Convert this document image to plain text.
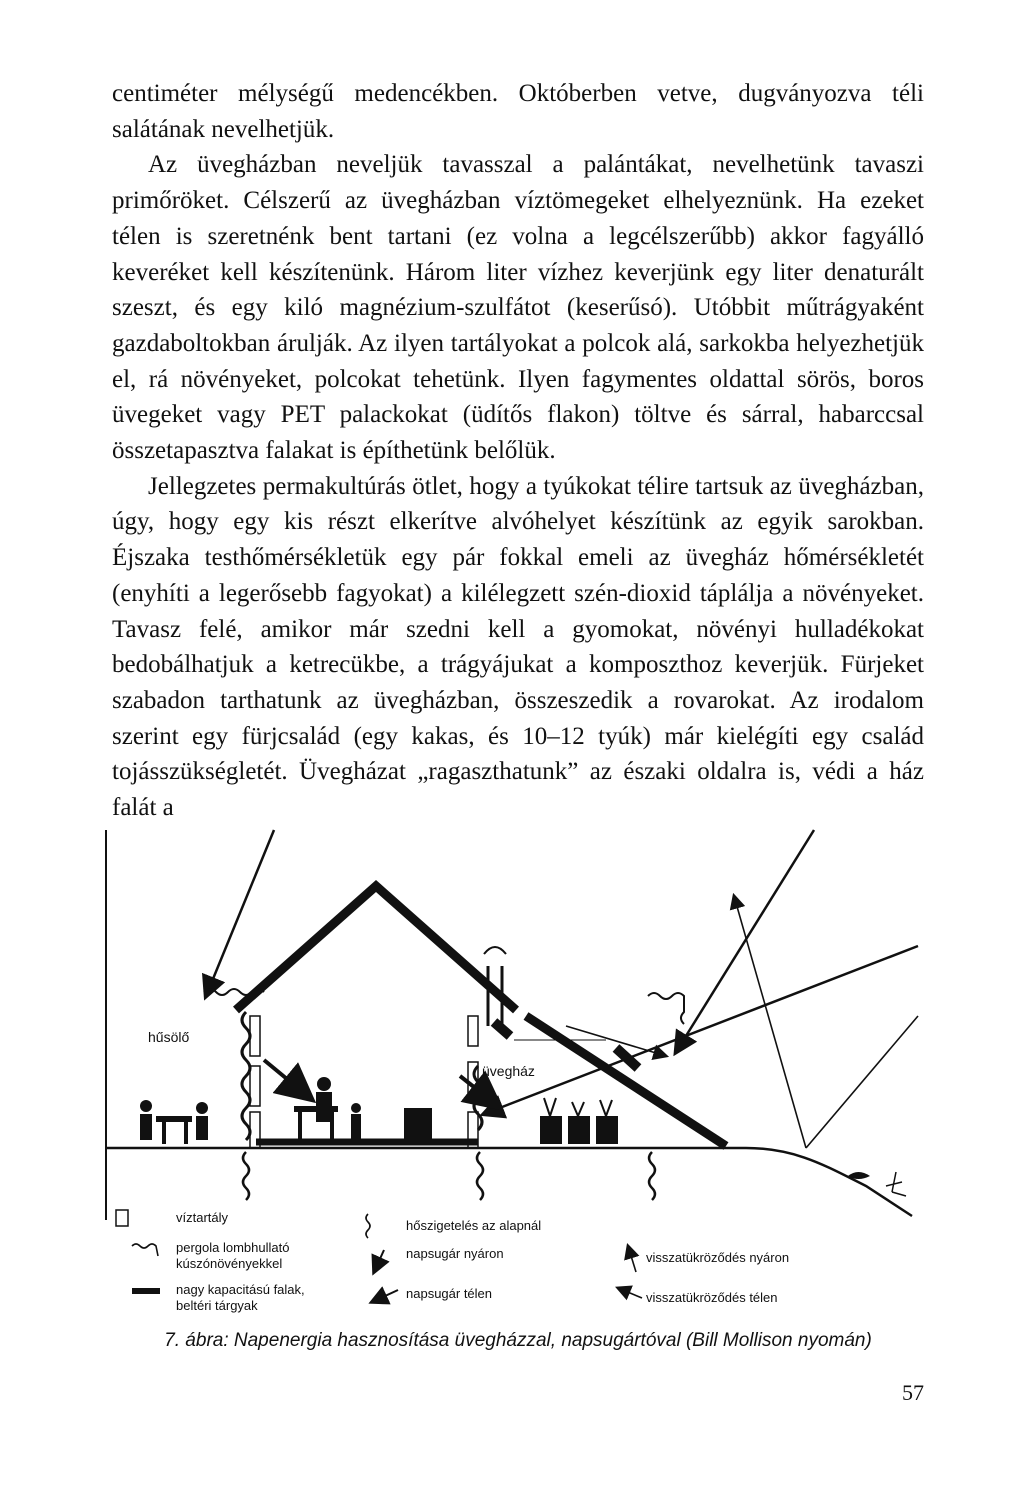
centiméter mélységű medencékben. Októberben vetve, dugványozva téli salátának nevelhetjük.

Az üvegházban neveljük tavasszal a palántákat, nevelhetünk tavaszi primőröket. Célszerű az üvegházban víztömegeket elhelyeznünk. Ha ezeket télen is szeretnénk bent tartani (ez volna a legcélszerűbb) akkor fagyálló keveréket kell készítenünk. Három liter vízhez keverjünk egy liter denaturált szeszt, és egy kiló magnézium-szulfátot (keserűsó). Utóbbit műtrágyaként gazdaboltokban árulják. Az ilyen tartályokat a polcok alá, sarkokba helyezhetjük el, rá növényeket, polcokat tehetünk. Ilyen fagymentes oldattal sörös, boros üvegeket vagy PET palackokat (üdítős flakon) töltve és sárral, habarccsal összetapasztva falakat is építhetünk belőlük.

Jellegzetes permakultúrás ötlet, hogy a tyúkokat télire tartsuk az üvegházban, úgy, hogy egy kis részt elkerítve alvóhelyet készítünk az egyik sarokban. Éjszaka testhőmérsékletük egy pár fokkal emeli az üvegház hőmérsékletét (enyhíti a legerősebb fagyokat) a kilélegzett szén-dioxid táplálja a növényeket. Tavasz felé, amikor már szedni kell a gyomokat, növényi hulladékokat bedobálhatjuk a ketrecükbe, a trágyájukat a komposzthoz keverjük. Fürjeket szabadon tarthatunk az üvegházban, összeszedik a rovarokat. Az irodalom szerint egy fürjcsalád (egy kakas, és 10–12 tyúk) már kielégíti egy család tojásszükségletét. Üvegházat „ragaszthatunk” az északi oldalra is, védi a ház falát a

hűsölő
üvegház
víztartály
pergola lombhullató
kúszónövényekkel
nagy kapacitású falak,
beltéri tárgyak
hőszigetelés az alapnál
napsugár nyáron
napsugár télen
visszatükröződés nyáron
visszatükröződés télen
7. ábra: Napenergia hasznosítása üvegházzal, napsugártóval (Bill Mollison nyomán)
57
